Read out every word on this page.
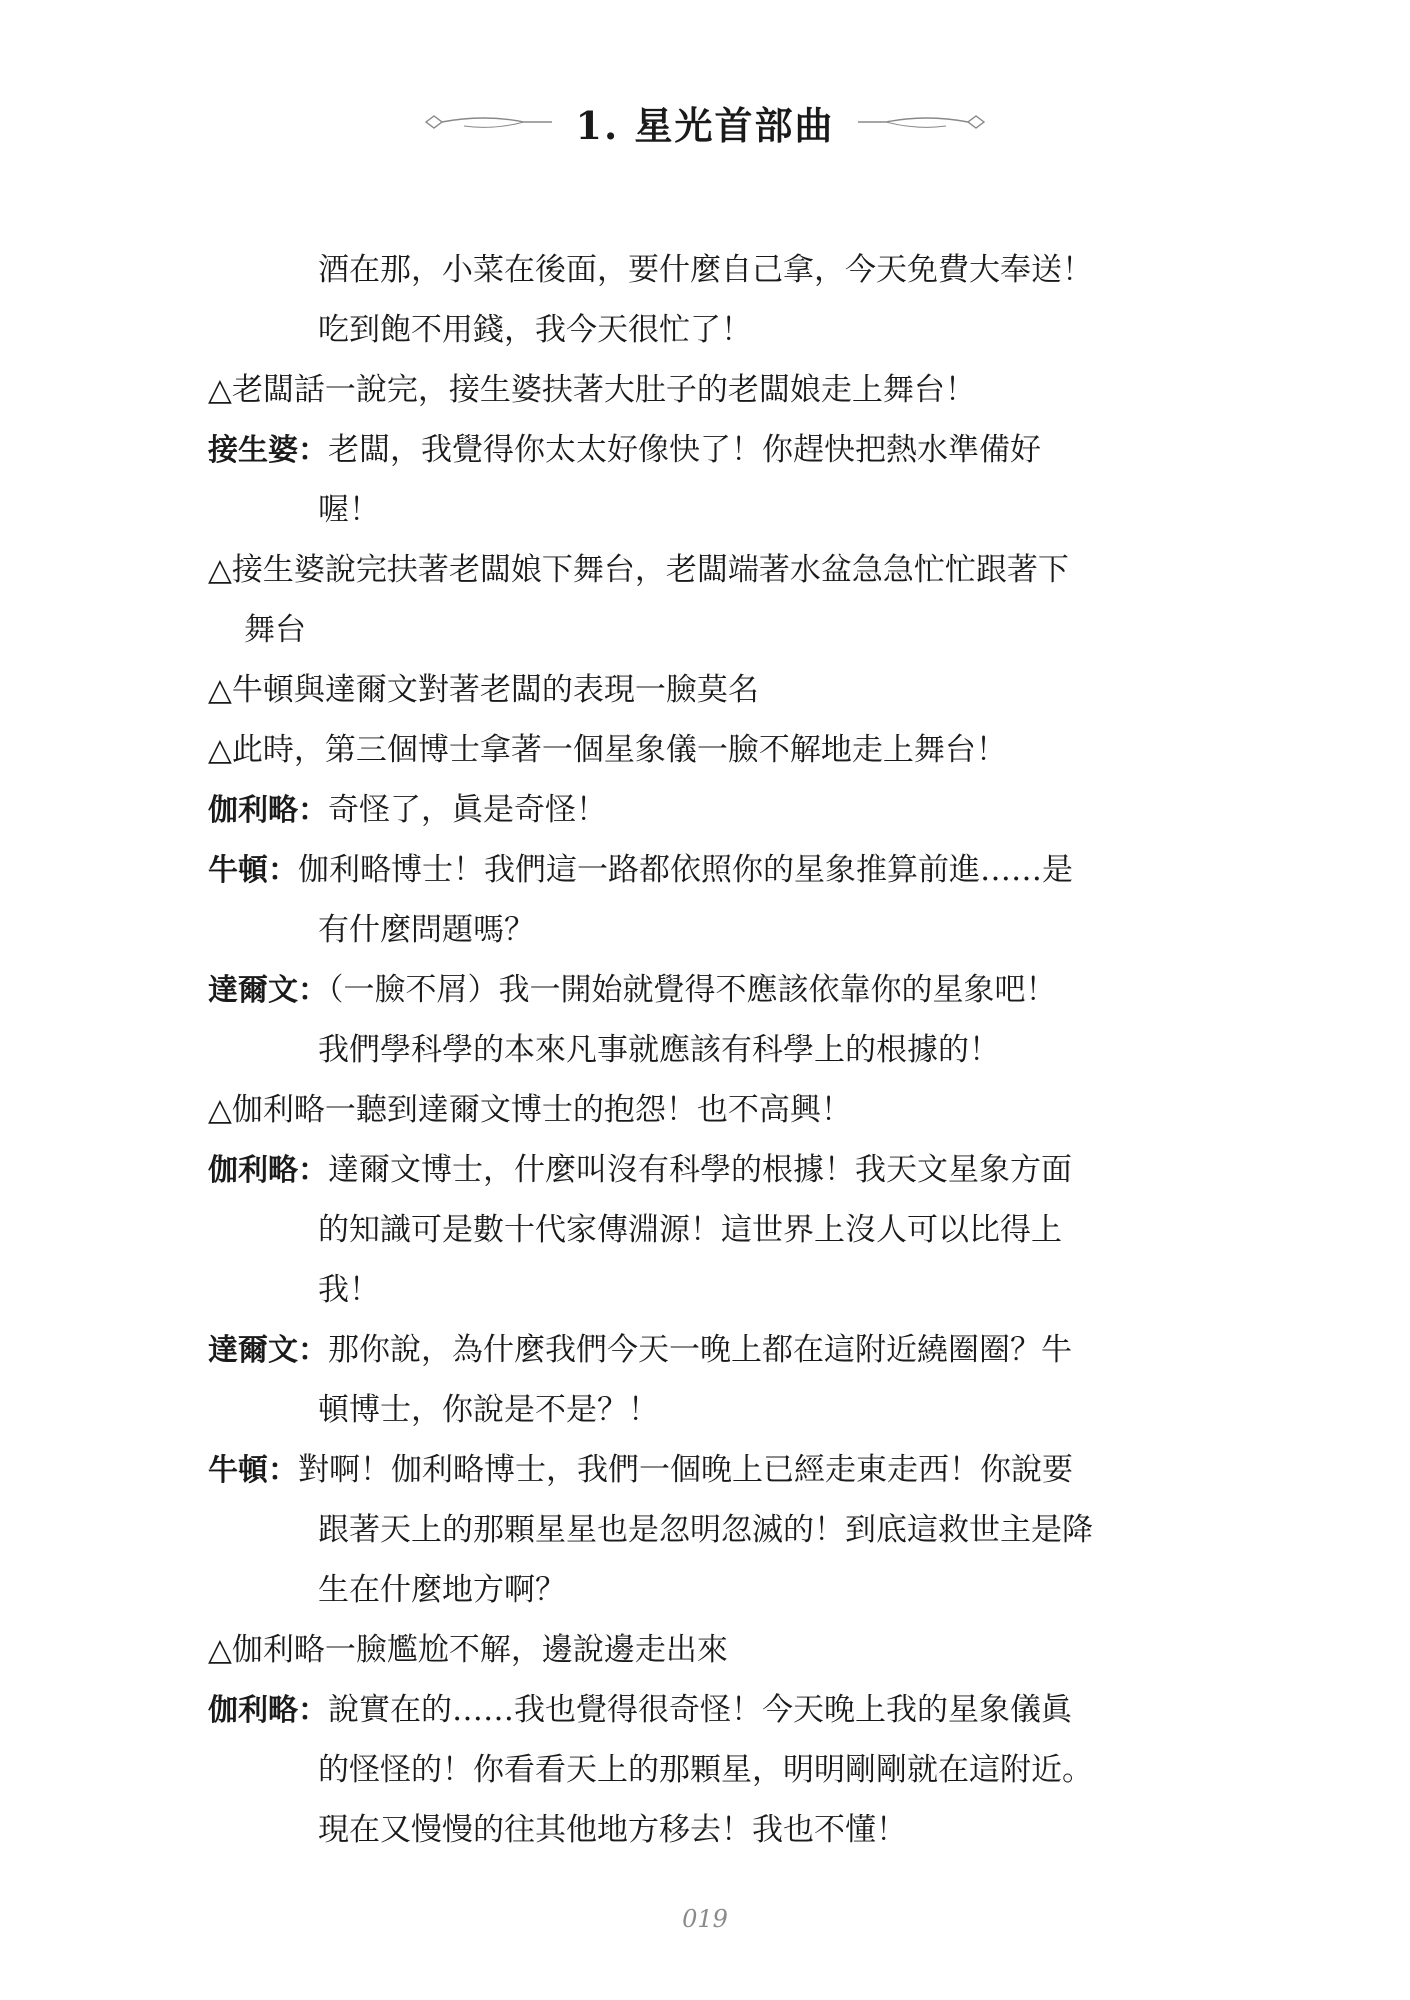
1. 星光首部曲
酒在那，小菜在後面，要什麼自己拿，今天免費大奉送！
吃到飽不用錢，我今天很忙了！
△老闆話一說完，接生婆扶著大肚子的老闆娘走上舞台！
接生婆：老闆，我覺得你太太好像快了！你趕快把熱水準備好
喔！
△接生婆說完扶著老闆娘下舞台，老闆端著水盆急急忙忙跟著下
舞台
△牛頓與達爾文對著老闆的表現一臉莫名
△此時，第三個博士拿著一個星象儀一臉不解地走上舞台！
伽利略：奇怪了，眞是奇怪！
牛頓：伽利略博士！我們這一路都依照你的星象推算前進……是
有什麼問題嗎？
達爾文：（一臉不屑）我一開始就覺得不應該依靠你的星象吧！
我們學科學的本來凡事就應該有科學上的根據的！
△伽利略一聽到達爾文博士的抱怨！也不高興！
伽利略：達爾文博士，什麼叫沒有科學的根據！我天文星象方面
的知識可是數十代家傳淵源！這世界上沒人可以比得上
我！
達爾文：那你說，為什麼我們今天一晚上都在這附近繞圈圈？牛
頓博士，你說是不是？！
牛頓：對啊！伽利略博士，我們一個晚上已經走東走西！你說要
跟著天上的那顆星星也是忽明忽滅的！到底這救世主是降
生在什麼地方啊？
△伽利略一臉尷尬不解，邊說邊走出來
伽利略：說實在的……我也覺得很奇怪！今天晚上我的星象儀眞
的怪怪的！你看看天上的那顆星，明明剛剛就在這附近。
現在又慢慢的往其他地方移去！我也不懂！
019
